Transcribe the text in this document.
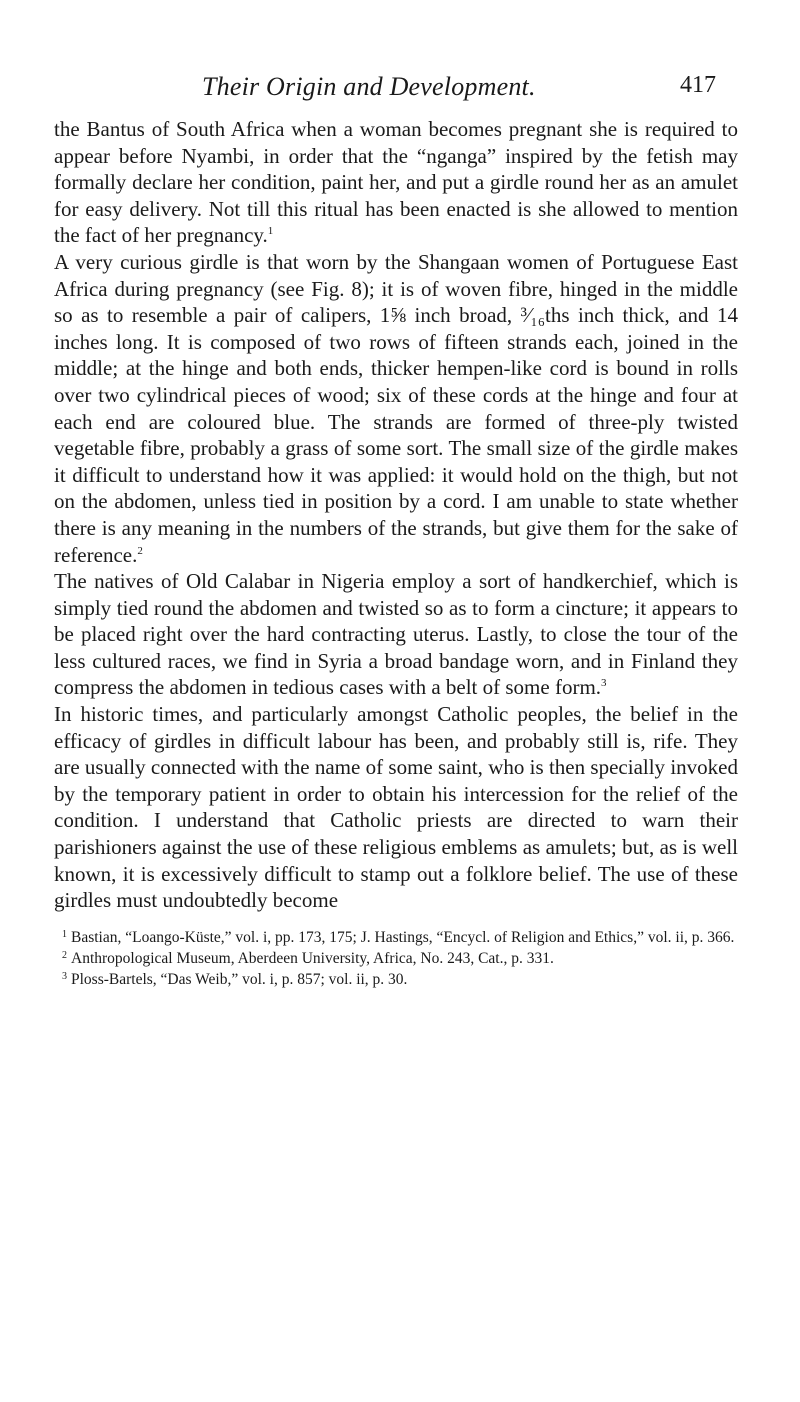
Their Origin and Development.	417

the Bantus of South Africa when a woman becomes pregnant she is required to appear before Nyambi, in order that the “nganga” inspired by the fetish may formally declare her condition, paint her, and put a girdle round her as an amulet for easy delivery. Not till this ritual has been enacted is she allowed to mention the fact of her pregnancy.$^1$

A very curious girdle is that worn by the Shangaan women of Portuguese East Africa during pregnancy (see Fig. 8); it is of woven fibre, hinged in the middle so as to resemble a pair of calipers, 1⅝ inch broad, ³⁄₁₆ths inch thick, and 14 inches long. It is composed of two rows of fifteen strands each, joined in the middle; at the hinge and both ends, thicker hempen-like cord is bound in rolls over two cylindrical pieces of wood; six of these cords at the hinge and four at each end are coloured blue. The strands are formed of three-ply twisted vegetable fibre, probably a grass of some sort. The small size of the girdle makes it difficult to understand how it was applied: it would hold on the thigh, but not on the abdomen, unless tied in position by a cord. I am unable to state whether there is any meaning in the numbers of the strands, but give them for the sake of reference.$^2$

The natives of Old Calabar in Nigeria employ a sort of handkerchief, which is simply tied round the abdomen and twisted so as to form a cincture; it appears to be placed right over the hard contracting uterus. Lastly, to close the tour of the less cultured races, we find in Syria a broad bandage worn, and in Finland they compress the abdomen in tedious cases with a belt of some form.$^3$

In historic times, and particularly amongst Catholic peoples, the belief in the efficacy of girdles in difficult labour has been, and probably still is, rife. They are usually connected with the name of some saint, who is then specially invoked by the temporary patient in order to obtain his intercession for the relief of the condition. I understand that Catholic priests are directed to warn their parishioners against the use of these religious emblems as amulets; but, as is well known, it is excessively difficult to stamp out a folklore belief. The use of these girdles must undoubtedly become

$^1$ Bastian, “Loango-Küste,” vol. i, pp. 173, 175; J. Hastings, “Encycl. of Religion and Ethics,” vol. ii, p. 366.

$^2$ Anthropological Museum, Aberdeen University, Africa, No. 243, Cat., p. 331.

$^3$ Ploss-Bartels, “Das Weib,” vol. i, p. 857; vol. ii, p. 30.
